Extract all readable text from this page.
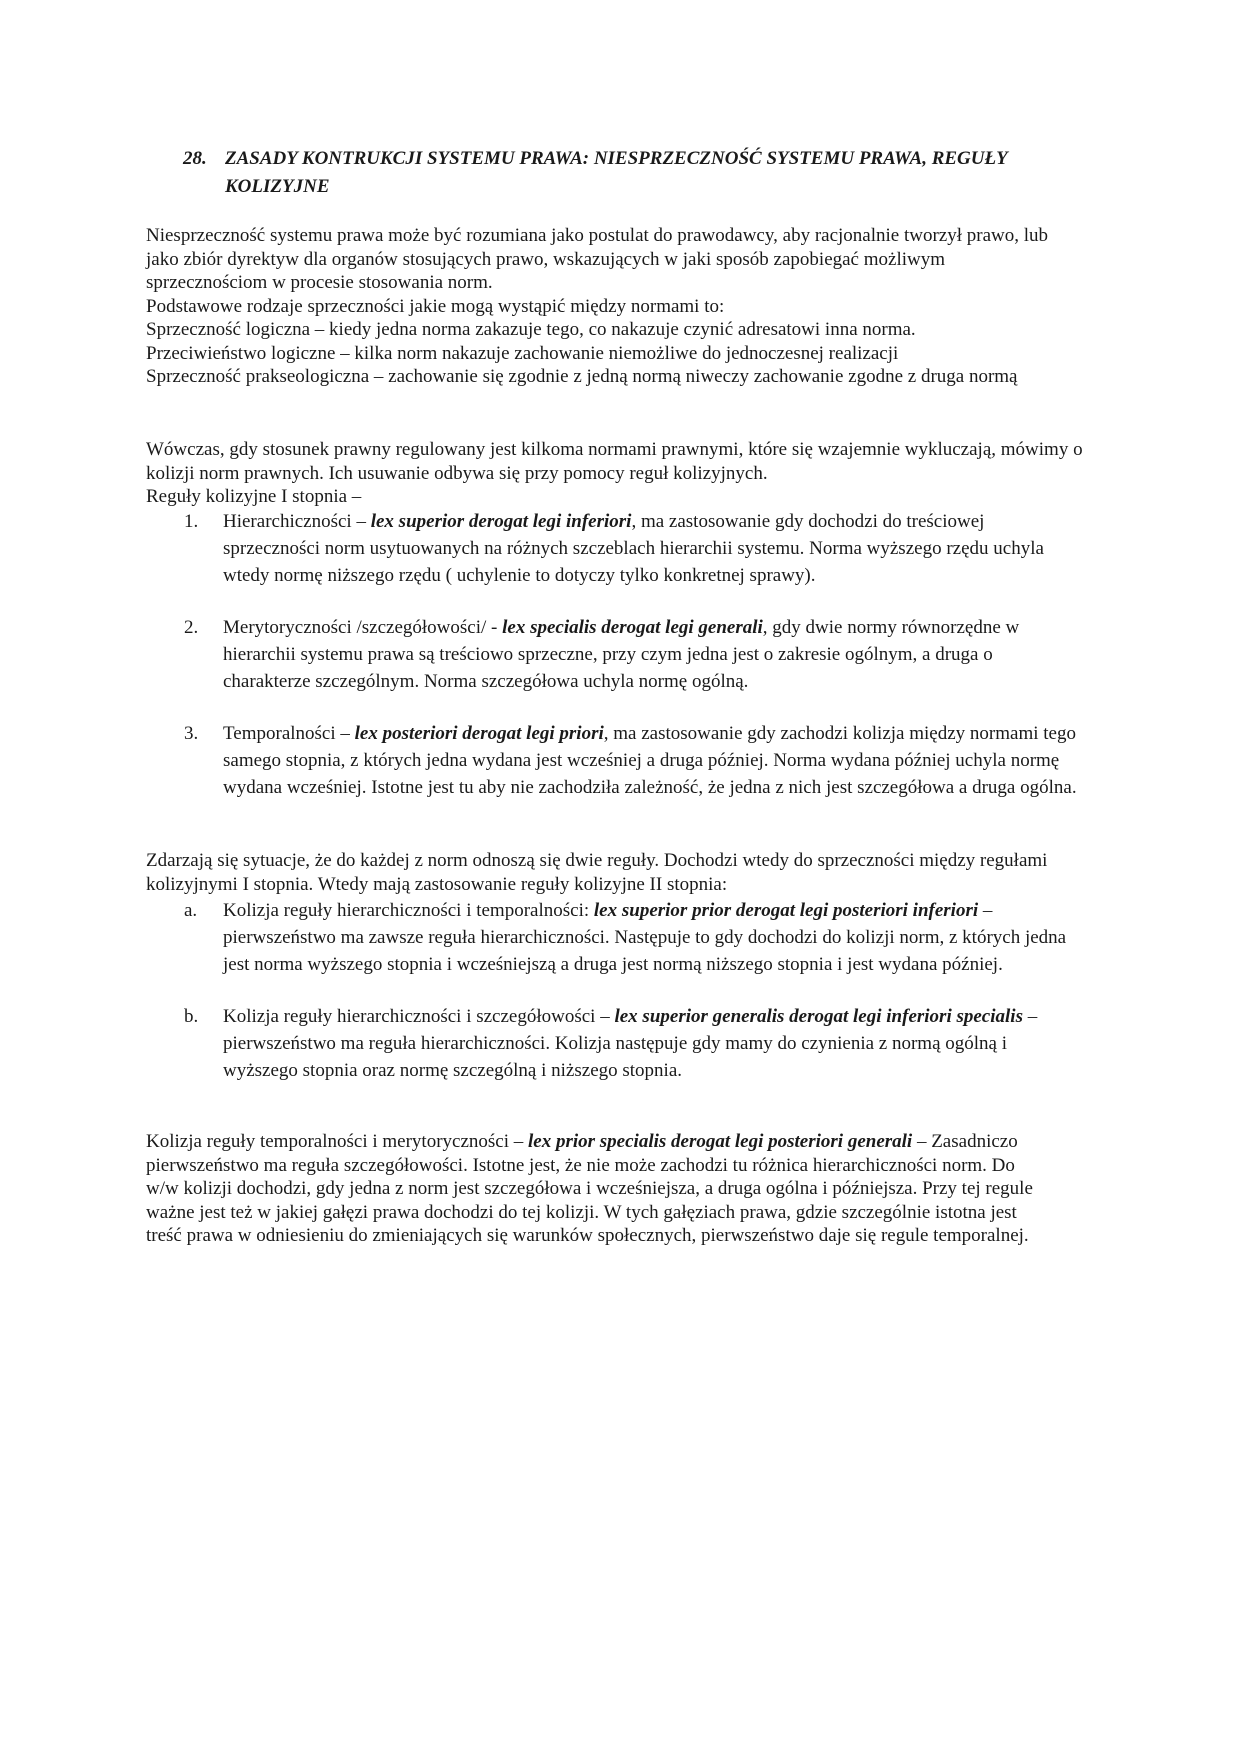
28. ZASADY KONTRUKCJI SYSTEMU PRAWA: NIESPRZECZNOŚĆ SYSTEMU PRAWA, REGUŁY KOLIZYJNE

Niesprzeczność systemu prawa może być rozumiana jako postulat do prawodawcy, aby racjonalnie tworzył prawo, lub jako zbiór dyrektyw dla organów stosujących prawo, wskazujących w jaki sposób zapobiegać możliwym sprzecznościom w procesie stosowania norm.

Podstawowe rodzaje sprzeczności jakie mogą wystąpić między normami to:

Sprzeczność logiczna – kiedy jedna norma zakazuje tego, co nakazuje czynić adresatowi inna norma.

Przeciwieństwo logiczne – kilka norm nakazuje zachowanie niemożliwe do jednoczesnej realizacji

Sprzeczność prakseologiczna – zachowanie się zgodnie z jedną normą niweczy zachowanie zgodne z druga normą

Wówczas, gdy stosunek prawny regulowany jest kilkoma normami prawnymi, które się wzajemnie wykluczają, mówimy o kolizji norm prawnych. Ich usuwanie odbywa się przy pomocy reguł kolizyjnych.

Reguły kolizyjne I stopnia –

1. Hierarchiczności – lex superior derogat legi inferiori, ma zastosowanie gdy dochodzi do treściowej sprzeczności norm usytuowanych na różnych szczeblach hierarchii systemu. Norma wyższego rzędu uchyla wtedy normę niższego rzędu ( uchylenie to dotyczy tylko konkretnej sprawy).
2. Merytoryczności /szczegółowości/ - lex specialis derogat legi generali, gdy dwie normy równorzędne w hierarchii systemu prawa są treściowo sprzeczne, przy czym jedna jest o zakresie ogólnym, a druga o charakterze szczególnym. Norma szczegółowa uchyla normę ogólną.
3. Temporalności – lex posteriori derogat legi priori, ma zastosowanie gdy zachodzi kolizja między normami tego samego stopnia, z których jedna wydana jest wcześniej a druga później. Norma wydana później uchyla normę wydana wcześniej. Istotne jest tu aby nie zachodziła zależność, że jedna z nich jest szczegółowa a druga ogólna.

Zdarzają się sytuacje, że do każdej z norm odnoszą się dwie reguły. Dochodzi wtedy do sprzeczności między regułami kolizyjnymi I stopnia. Wtedy mają zastosowanie reguły kolizyjne II stopnia:

a. Kolizja reguły hierarchiczności i temporalności: lex superior prior derogat legi posteriori inferiori – pierwszeństwo ma zawsze reguła hierarchiczności. Następuje to gdy dochodzi do kolizji norm, z których jedna jest norma wyższego stopnia i wcześniejszą a druga jest normą niższego stopnia i jest wydana później.
b. Kolizja reguły hierarchiczności i szczegółowości – lex superior generalis derogat legi inferiori specialis – pierwszeństwo ma reguła hierarchiczności. Kolizja następuje gdy mamy do czynienia z normą ogólną i wyższego stopnia oraz normę szczególną i niższego stopnia.

Kolizja reguły temporalności i merytoryczności – lex prior specialis derogat legi posteriori generali – Zasadniczo pierwszeństwo ma reguła szczegółowości. Istotne jest, że nie może zachodzi tu różnica hierarchiczności norm. Do w/w kolizji dochodzi, gdy jedna z norm jest szczegółowa i wcześniejsza, a druga ogólna i późniejsza. Przy tej regule ważne jest też w jakiej gałęzi prawa dochodzi do tej kolizji. W tych gałęziach prawa, gdzie szczególnie istotna jest treść prawa w odniesieniu do zmieniających się warunków społecznych, pierwszeństwo daje się regule temporalnej.
